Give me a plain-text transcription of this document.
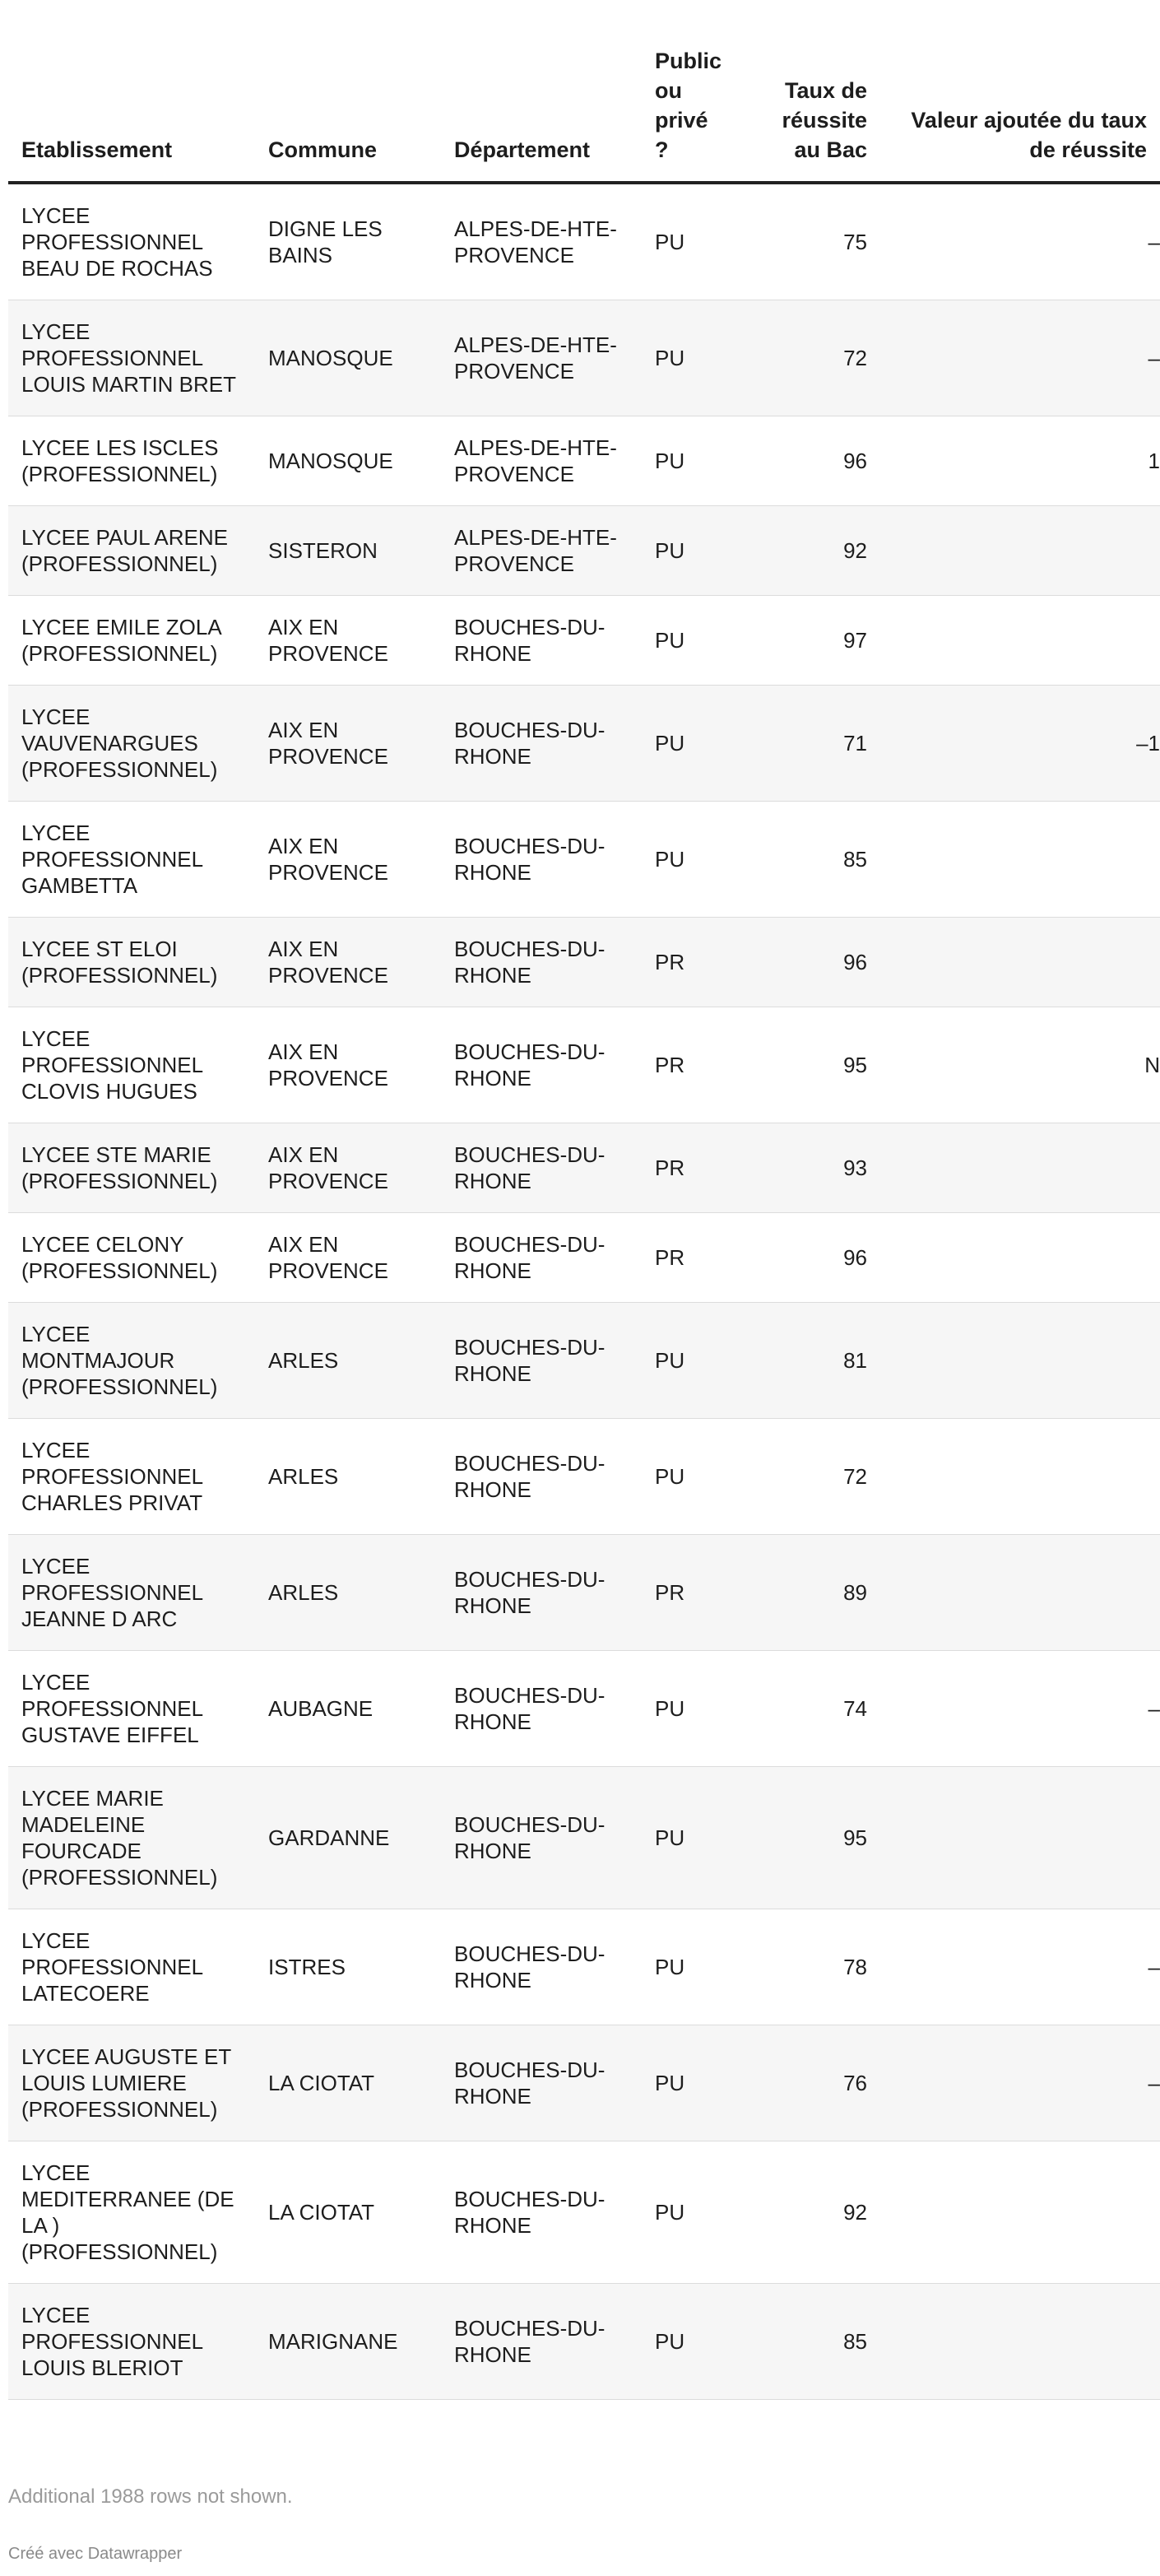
Etablissement	Commune	Département	Public ou privé ?	Taux de réussite au Bac	Valeur ajoutée du taux de réussite
LYCEE PROFESSIONNEL BEAU DE ROCHAS	DIGNE LES BAINS	ALPES-DE-HTE-PROVENCE	PU	75	–
LYCEE PROFESSIONNEL LOUIS MARTIN BRET	MANOSQUE	ALPES-DE-HTE-PROVENCE	PU	72	–
LYCEE LES ISCLES (PROFESSIONNEL)	MANOSQUE	ALPES-DE-HTE-PROVENCE	PU	96	1
LYCEE PAUL ARENE (PROFESSIONNEL)	SISTERON	ALPES-DE-HTE-PROVENCE	PU	92	
LYCEE EMILE ZOLA (PROFESSIONNEL)	AIX EN PROVENCE	BOUCHES-DU-RHONE	PU	97	
LYCEE VAUVENARGUES (PROFESSIONNEL)	AIX EN PROVENCE	BOUCHES-DU-RHONE	PU	71	–1
LYCEE PROFESSIONNEL GAMBETTA	AIX EN PROVENCE	BOUCHES-DU-RHONE	PU	85	
LYCEE ST ELOI (PROFESSIONNEL)	AIX EN PROVENCE	BOUCHES-DU-RHONE	PR	96	
LYCEE PROFESSIONNEL CLOVIS HUGUES	AIX EN PROVENCE	BOUCHES-DU-RHONE	PR	95	N
LYCEE STE MARIE (PROFESSIONNEL)	AIX EN PROVENCE	BOUCHES-DU-RHONE	PR	93	
LYCEE CELONY (PROFESSIONNEL)	AIX EN PROVENCE	BOUCHES-DU-RHONE	PR	96	
LYCEE MONTMAJOUR (PROFESSIONNEL)	ARLES	BOUCHES-DU-RHONE	PU	81	
LYCEE PROFESSIONNEL CHARLES PRIVAT	ARLES	BOUCHES-DU-RHONE	PU	72	
LYCEE PROFESSIONNEL JEANNE D ARC	ARLES	BOUCHES-DU-RHONE	PR	89	
LYCEE PROFESSIONNEL GUSTAVE EIFFEL	AUBAGNE	BOUCHES-DU-RHONE	PU	74	–
LYCEE MARIE MADELEINE FOURCADE (PROFESSIONNEL)	GARDANNE	BOUCHES-DU-RHONE	PU	95	
LYCEE PROFESSIONNEL LATECOERE	ISTRES	BOUCHES-DU-RHONE	PU	78	–
LYCEE AUGUSTE ET LOUIS LUMIERE (PROFESSIONNEL)	LA CIOTAT	BOUCHES-DU-RHONE	PU	76	–
LYCEE MEDITERRANEE (DE LA ) (PROFESSIONNEL)	LA CIOTAT	BOUCHES-DU-RHONE	PU	92	
LYCEE PROFESSIONNEL LOUIS BLERIOT	MARIGNANE	BOUCHES-DU-RHONE	PU	85	
Additional 1988 rows not shown.
Créé avec Datawrapper
